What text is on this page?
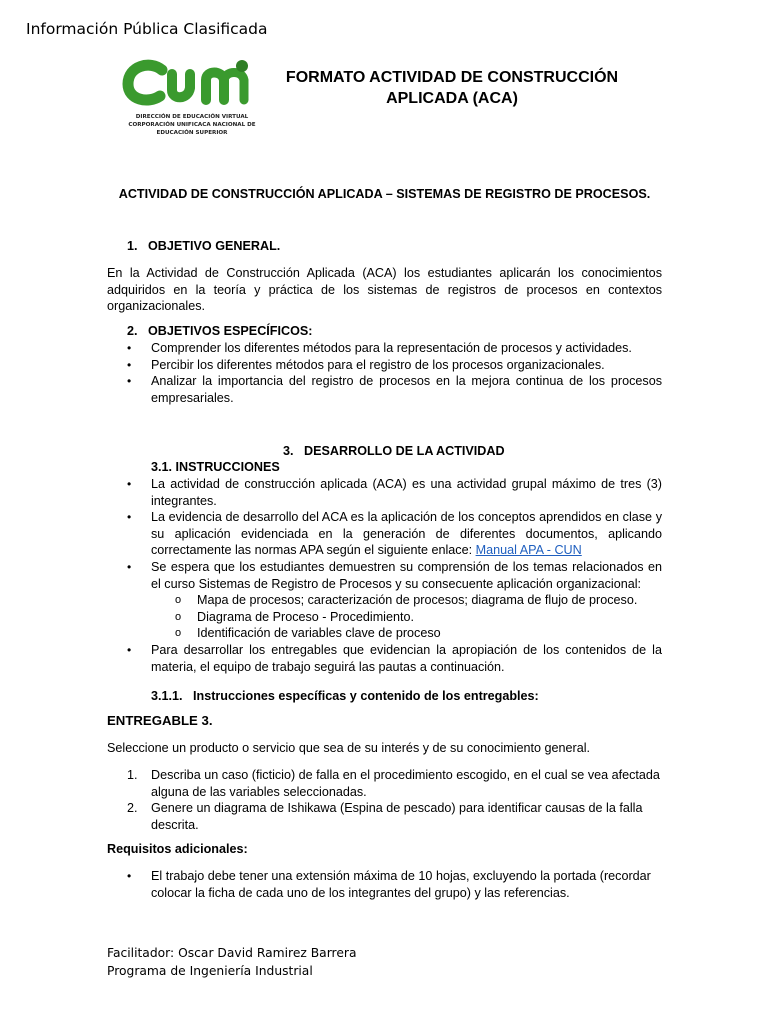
Información Pública Clasificada
DIRECCIÓN DE EDUCACIÓN VIRTUAL
CORPORACIÓN UNIFICACA NACIONAL DE
EDUCACIÓN SUPERIOR
FORMATO ACTIVIDAD DE CONSTRUCCIÓN
APLICADA (ACA)
ACTIVIDAD DE CONSTRUCCIÓN APLICADA – SISTEMAS DE REGISTRO DE PROCESOS.
1. OBJETIVO GENERAL.
En la Actividad de Construcción Aplicada (ACA) los estudiantes aplicarán los conocimientos adquiridos en la teoría y práctica de los sistemas de registros de procesos en contextos organizacionales.
2. OBJETIVOS ESPECÍFICOS:
• Comprender los diferentes métodos para la representación de procesos y actividades.
• Percibir los diferentes métodos para el registro de los procesos organizacionales.
• Analizar la importancia del registro de procesos en la mejora continua de los procesos empresariales.
3. DESARROLLO DE LA ACTIVIDAD
3.1. INSTRUCCIONES
• La actividad de construcción aplicada (ACA) es una actividad grupal máximo de tres (3) integrantes.
• La evidencia de desarrollo del ACA es la aplicación de los conceptos aprendidos en clase y su aplicación evidenciada en la generación de diferentes documentos, aplicando correctamente las normas APA según el siguiente enlace: Manual APA - CUN
• Se espera que los estudiantes demuestren su comprensión de los temas relacionados en el curso Sistemas de Registro de Procesos y su consecuente aplicación organizacional:
o Mapa de procesos; caracterización de procesos; diagrama de flujo de proceso.
o Diagrama de Proceso - Procedimiento.
o Identificación de variables clave de proceso
• Para desarrollar los entregables que evidencian la apropiación de los contenidos de la materia, el equipo de trabajo seguirá las pautas a continuación.
3.1.1. Instrucciones específicas y contenido de los entregables:
ENTREGABLE 3.
Seleccione un producto o servicio que sea de su interés y de su conocimiento general.
1. Describa un caso (ficticio) de falla en el procedimiento escogido, en el cual se vea afectada alguna de las variables seleccionadas.
2. Genere un diagrama de Ishikawa (Espina de pescado) para identificar causas de la falla descrita.
Requisitos adicionales:
• El trabajo debe tener una extensión máxima de 10 hojas, excluyendo la portada (recordar colocar la ficha de cada uno de los integrantes del grupo) y las referencias.
Facilitador: Oscar David Ramirez Barrera
Programa de Ingeniería Industrial
